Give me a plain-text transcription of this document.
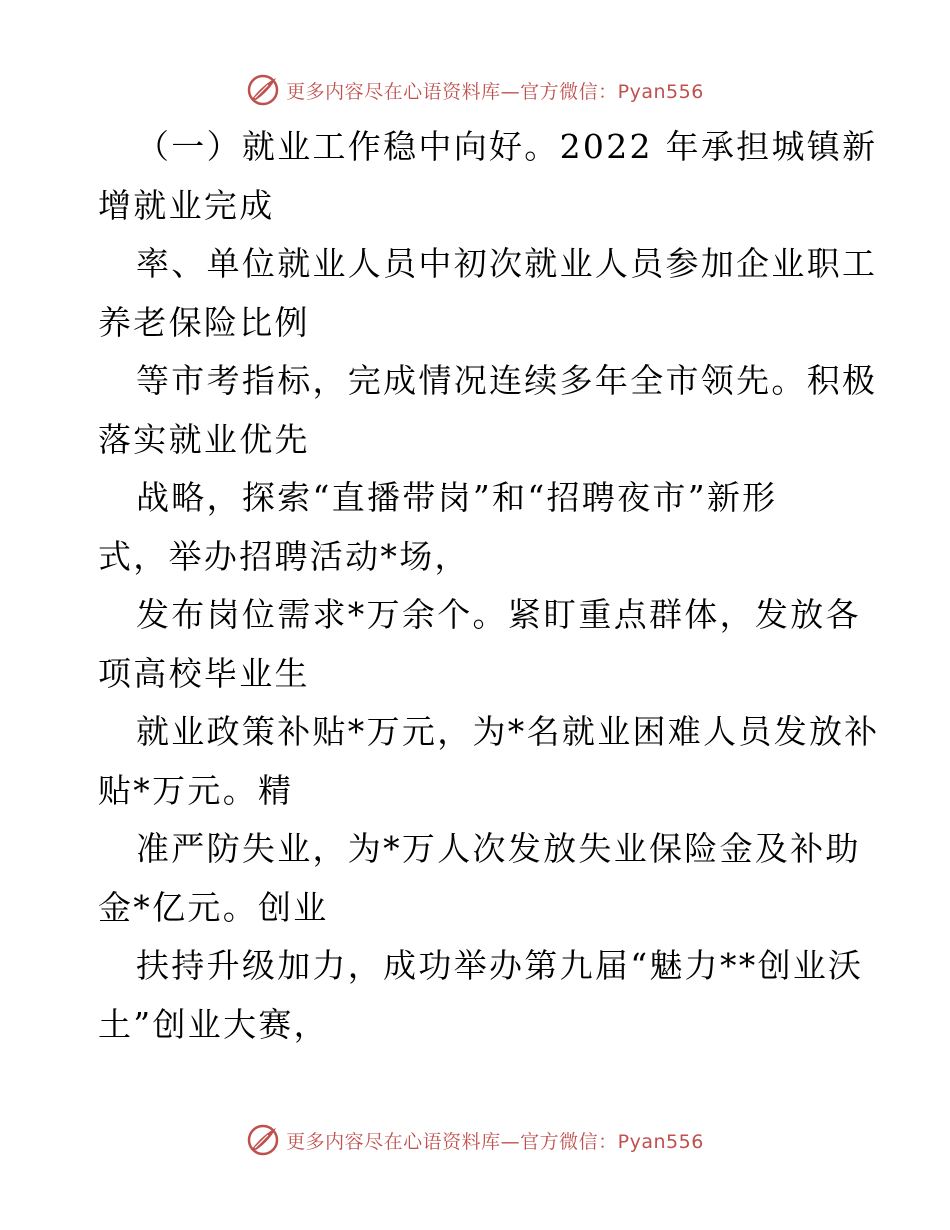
更多内容尽在心语资料库—官方微信：Pyan556
（一）就业工作稳中向好。2022 年承担城镇新
增就业完成
率、单位就业人员中初次就业人员参加企业职工
养老保险比例
等市考指标，完成情况连续多年全市领先。积极
落实就业优先
战略，探索“直播带岗”和“招聘夜市”新形
式，举办招聘活动*场，
发布岗位需求*万余个。紧盯重点群体，发放各
项高校毕业生
就业政策补贴*万元，为*名就业困难人员发放补
贴*万元。精
准严防失业，为*万人次发放失业保险金及补助
金*亿元。创业
扶持升级加力，成功举办第九届“魅力**创业沃
土”创业大赛，
更多内容尽在心语资料库—官方微信：Pyan556
